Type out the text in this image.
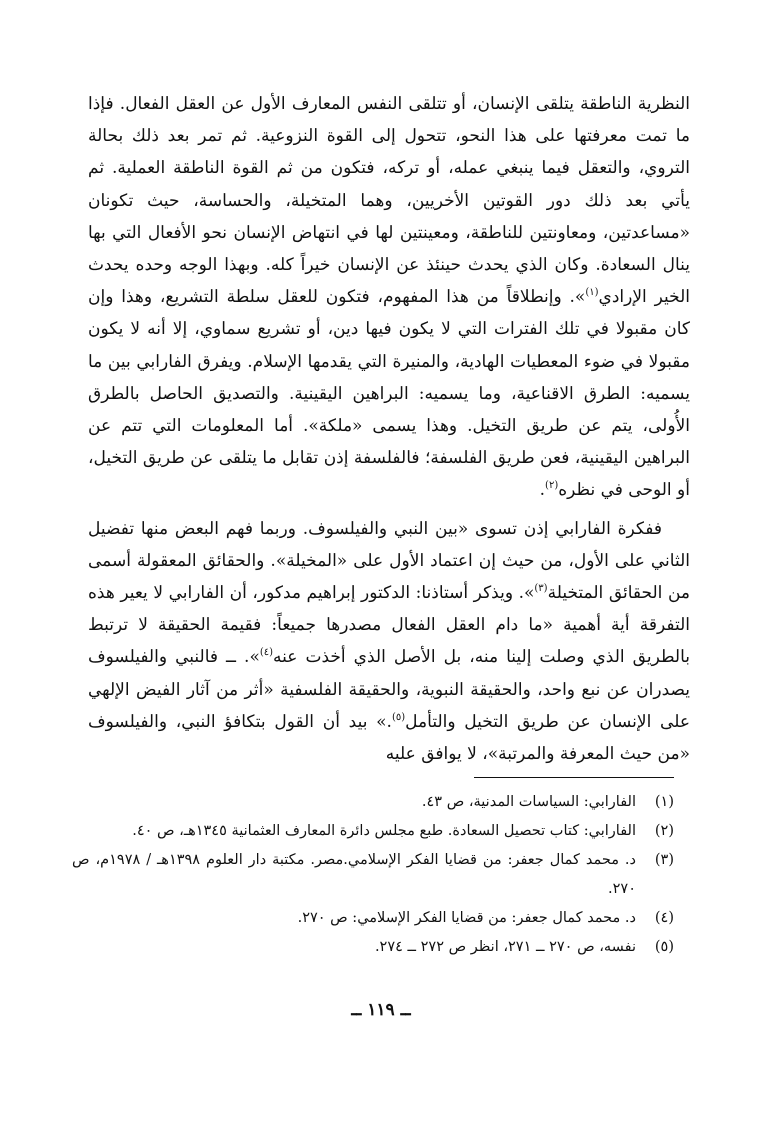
النظرية الناطقة يتلقى الإنسان، أو تتلقى النفس المعارف الأول عن العقل الفعال. فإذا ما تمت معرفتها على هذا النحو، تتحول إلى القوة النزوعية. ثم تمر بعد ذلك بحالة التروي، والتعقل فيما ينبغي عمله، أو تركه، فتكون من ثم القوة الناطقة العملية. ثم يأتي بعد ذلك دور القوتين الأخريين، وهما المتخيلة، والحساسة، حيث تكونان «مساعدتين، ومعاونتين للناطقة، ومعينتين لها في انتهاض الإنسان نحو الأفعال التي بها ينال السعادة. وكان الذي يحدث حينئذ عن الإنسان خيراً كله. وبهذا الوجه وحده يحدث الخير الإرادي$^{(١)}$». وإنطلاقاً من هذا المفهوم، فتكون للعقل سلطة التشريع، وهذا وإن كان مقبولا في تلك الفترات التي لا يكون فيها دين، أو تشريع سماوي، إلا أنه لا يكون مقبولا في ضوء المعطيات الهادية، والمنيرة التي يقدمها الإسلام. ويفرق الفارابي بين ما يسميه: الطرق الاقناعية، وما يسميه: البراهين اليقينية. والتصديق الحاصل بالطرق الأُولى، يتم عن طريق التخيل. وهذا يسمى «ملكة». أما المعلومات التي تتم عن البراهين اليقينية، فعن طريق الفلسفة؛ فالفلسفة إذن تقابل ما يتلقى عن طريق التخيل، أو الوحى في نظره$^{(٢)}$.

ففكرة الفارابي إذن تسوى «بين النبي والفيلسوف. وربما فهم البعض منها تفضيل الثاني على الأول، من حيث إن اعتماد الأول على «المخيلة». والحقائق المعقولة أسمى من الحقائق المتخيلة$^{(٣)}$». ويذكر أستاذنا: الدكتور إبراهيم مدكور، أن الفارابي لا يعير هذه التفرقة أية أهمية «ما دام العقل الفعال مصدرها جميعاً: فقيمة الحقيقة لا ترتبط بالطريق الذي وصلت إلينا منه، بل الأصل الذي أخذت عنه$^{(٤)}$». ــ فالنبي والفيلسوف يصدران عن نبع واحد، والحقيقة النبوية، والحقيقة الفلسفية «أثر من آثار الفيض الإلهي على الإنسان عن طريق التخيل والتأمل$^{(٥)}$.» بيد أن القول بتكافؤ النبي، والفيلسوف «من حيث المعرفة والمرتبة»، لا يوافق عليه

(١)
الفارابي: السياسات المدنية، ص ٤٣.
(٢)
الفارابي: كتاب تحصيل السعادة. طبع مجلس دائرة المعارف العثمانية ١٣٤٥هـ، ص ٤٠.
(٣)
د. محمد كمال جعفر: من قضايا الفكر الإسلامي.مصر. مكتبة دار العلوم ١٣٩٨هـ / ١٩٧٨م، ص ٢٧٠.
(٤)
د. محمد كمال جعفر: من قضايا الفكر الإسلامي: ص ٢٧٠.
(٥)
نفسه، ص ٢٧٠ ــ ٢٧١، انظر ص ٢٧٢ ــ ٢٧٤.
ــ ١١٩ ــ
